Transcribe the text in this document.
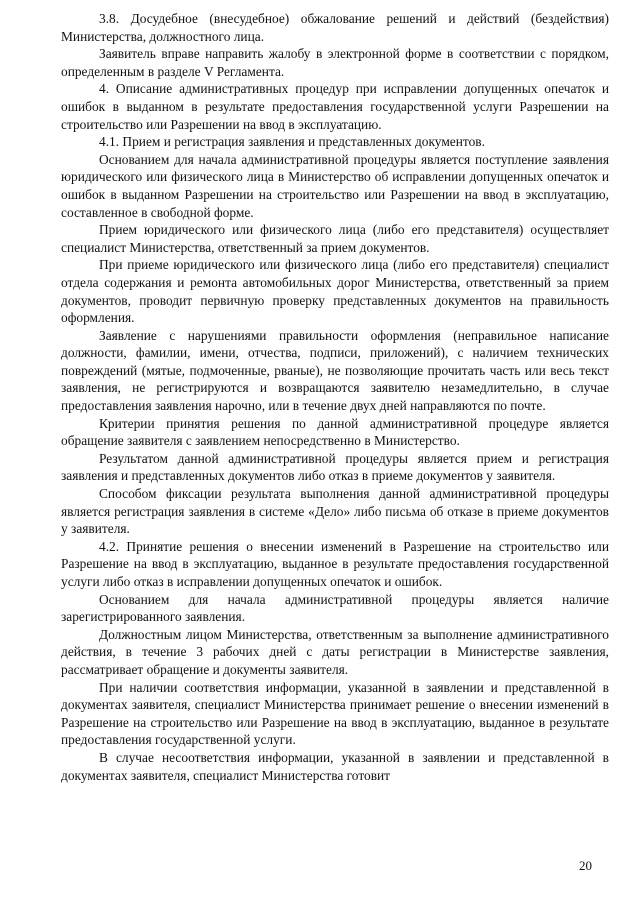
3.8. Досудебное (внесудебное) обжалование решений и действий (бездействия) Министерства, должностного лица.

Заявитель вправе направить жалобу в электронной форме в соответствии с порядком, определенным в разделе V Регламента.

4. Описание административных процедур при исправлении допущенных опечаток и ошибок в выданном в результате предоставления государственной услуги Разрешении на строительство или Разрешении на ввод в эксплуатацию.

4.1. Прием и регистрация заявления и представленных документов.

Основанием для начала административной процедуры является поступление заявления юридического или физического лица в Министерство об исправлении допущенных опечаток и ошибок в выданном Разрешении на строительство или Разрешении на ввод в эксплуатацию, составленное в свободной форме.

Прием юридического или физического лица (либо его представителя) осуществляет специалист Министерства, ответственный за прием документов.

При приеме юридического или физического лица (либо его представителя) специалист отдела содержания и ремонта автомобильных дорог Министерства, ответственный за прием документов, проводит первичную проверку представленных документов на правильность оформления.

Заявление с нарушениями правильности оформления (неправильное написание должности, фамилии, имени, отчества, подписи, приложений), с наличием технических повреждений (мятые, подмоченные, рваные), не позволяющие прочитать часть или весь текст заявления, не регистрируются и возвращаются заявителю незамедлительно, в случае предоставления заявления нарочно, или в течение двух дней направляются по почте.

Критерии принятия решения по данной административной процедуре является обращение заявителя с заявлением непосредственно в Министерство.

Результатом данной административной процедуры является прием и регистрация заявления и представленных документов либо отказ в приеме документов у заявителя.

Способом фиксации результата выполнения данной административной процедуры является регистрация заявления в системе «Дело» либо письма об отказе в приеме документов у заявителя.

4.2. Принятие решения о внесении изменений в Разрешение на строительство или Разрешение на ввод в эксплуатацию, выданное в результате предоставления государственной услуги либо отказ в исправлении допущенных опечаток и ошибок.

Основанием для начала административной процедуры является наличие зарегистрированного заявления.

Должностным лицом Министерства, ответственным за выполнение административного действия, в течение 3 рабочих дней с даты регистрации в Министерстве заявления, рассматривает обращение и документы заявителя.

При наличии соответствия информации, указанной в заявлении и представленной в документах заявителя, специалист Министерства принимает решение о внесении изменений в Разрешение на строительство или Разрешение на ввод в эксплуатацию, выданное в результате предоставления государственной услуги.

В случае несоответствия информации, указанной в заявлении и представленной в документах заявителя, специалист Министерства готовит

20
